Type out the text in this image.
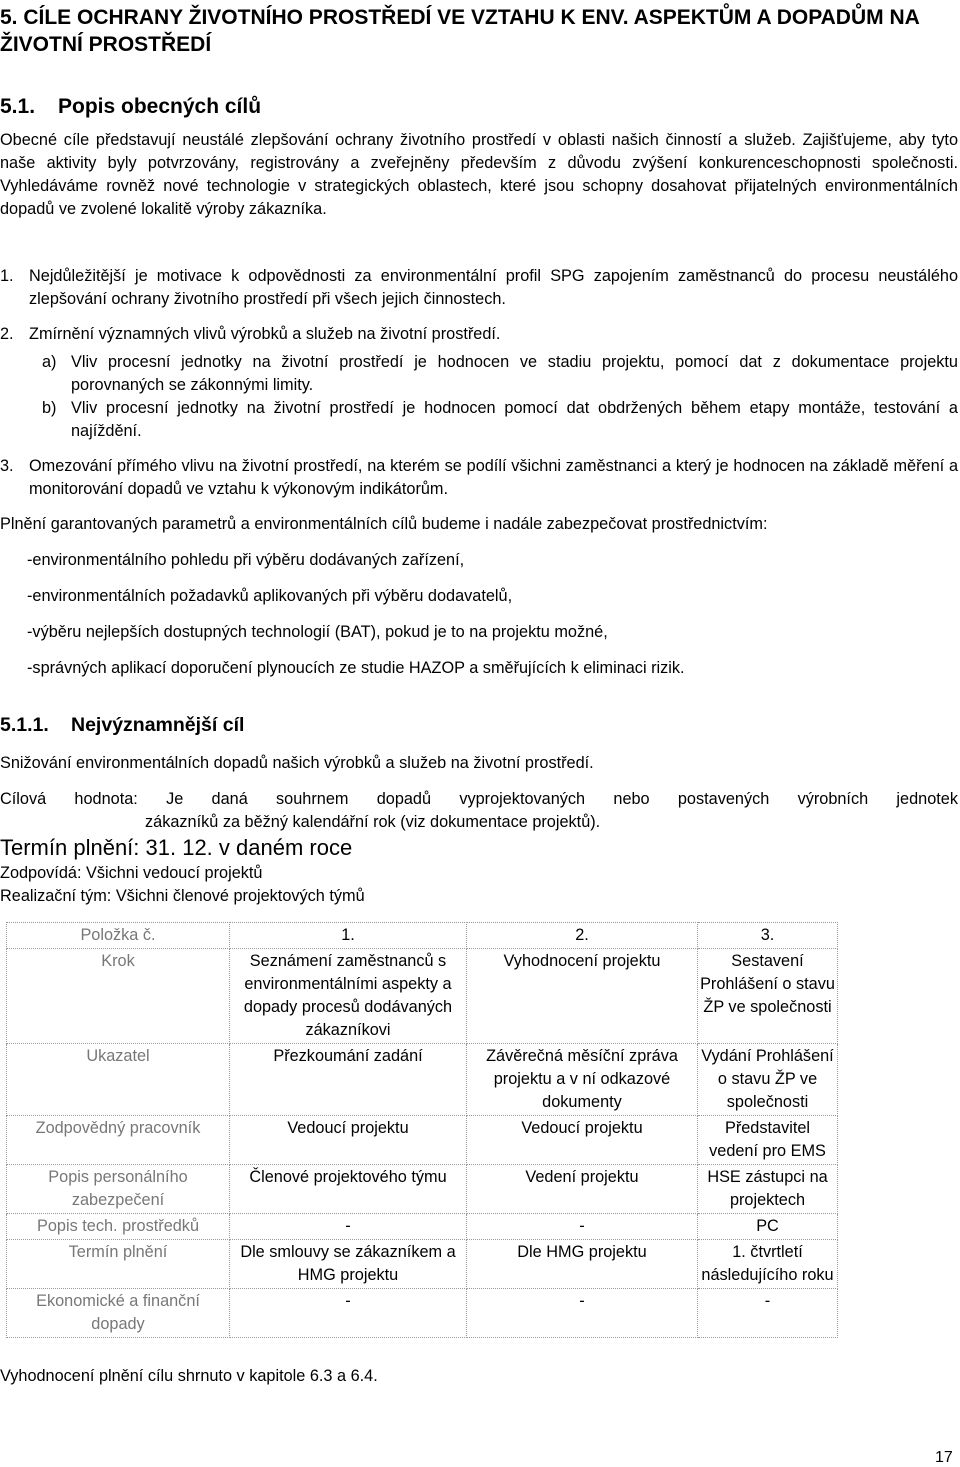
5. CÍLE OCHRANY ŽIVOTNÍHO PROSTŘEDÍ VE VZTAHU K ENV. ASPEKTŮM A DOPADŮM NA ŽIVOTNÍ PROSTŘEDÍ
5.1. Popis obecných cílů
Obecné cíle představují neustálé zlepšování ochrany životního prostředí v oblasti našich činností a služeb. Zajišťujeme, aby tyto naše aktivity byly potvrzovány, registrovány a zveřejněny především z důvodu zvýšení konkurenceschopnosti společnosti. Vyhledáváme rovněž nové technologie v strategických oblastech, které jsou schopny dosahovat přijatelných environmentálních dopadů ve zvolené lokalitě výroby zákazníka.
1. Nejdůležitější je motivace k odpovědnosti za environmentální profil SPG zapojením zaměstnanců do procesu neustálého zlepšování ochrany životního prostředí při všech jejich činnostech.
2. Zmírnění významných vlivů výrobků a služeb na životní prostředí.
a) Vliv procesní jednotky na životní prostředí je hodnocen ve stadiu projektu, pomocí dat z dokumentace projektu porovnaných se zákonnými limity.
b) Vliv procesní jednotky na životní prostředí je hodnocen pomocí dat obdržených během etapy montáže, testování a najíždění.
3. Omezování přímého vlivu na životní prostředí, na kterém se podílí všichni zaměstnanci a který je hodnocen na základě měření a monitorování dopadů ve vztahu k výkonovým indikátorům.
Plnění garantovaných parametrů a environmentálních cílů budeme i nadále zabezpečovat prostřednictvím:
-environmentálního pohledu při výběru dodávaných zařízení,
-environmentálních požadavků aplikovaných při výběru dodavatelů,
-výběru nejlepších dostupných technologií (BAT), pokud je to na projektu možné,
-správných aplikací doporučení plynoucích ze studie HAZOP a směřujících k eliminaci rizik.
5.1.1. Nejvýznamnější cíl
Snižování environmentálních dopadů našich výrobků a služeb na životní prostředí.
Cílová hodnota: Je daná souhrnem dopadů vyprojektovaných nebo postavených výrobních jednotek
zákazníků za běžný kalendářní rok (viz dokumentace projektů).
Termín plnění: 31. 12. v daném roce
Zodpovídá: Všichni vedoucí projektů
Realizační tým: Všichni členové projektových týmů
Položka č.	1.	2.	3.
Krok	Seznámení zaměstnanců s environmentálními aspekty a dopady procesů dodávaných zákazníkovi	Vyhodnocení projektu	Sestavení Prohlášení o stavu ŽP ve společnosti
Ukazatel	Přezkoumání zadání	Závěrečná měsíční zpráva projektu a v ní odkazové dokumenty	Vydání Prohlášení o stavu ŽP ve společnosti
Zodpovědný pracovník	Vedoucí projektu	Vedoucí projektu	Představitel vedení pro EMS
Popis personálního zabezpečení	Členové projektového týmu	Vedení projektu	HSE zástupci na projektech
Popis tech. prostředků	-	-	PC
Termín plnění	Dle smlouvy se zákazníkem a HMG projektu	Dle HMG projektu	1. čtvrtletí následujícího roku
Ekonomické a finanční dopady	-	-	-
Vyhodnocení plnění cílu shrnuto v kapitole 6.3 a 6.4.
17
